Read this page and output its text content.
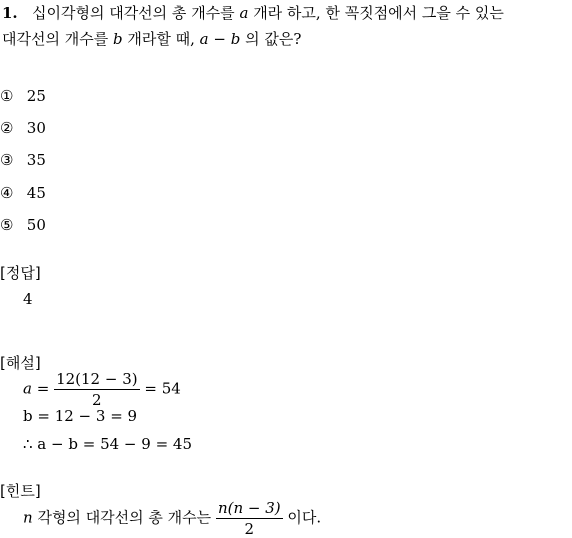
1. 십이각형의 대각선의 총 개수를 a 개라 하고, 한 꼭짓점에서 그을 수 있는
대각선의 개수를 b 개라할 때, a − b 의 값은?
① 25
② 30
③ 35
④ 45
⑤ 50
[정답]
4
[해설]
$a = \frac{12(12 - 3)}{2} = 54$
b = 12 − 3 = 9
∴ a − b = 54 − 9 = 45
[힌트]
n 각형의 대각선의 총 개수는 $\frac{n(n - 3)}{2}$ 이다.
